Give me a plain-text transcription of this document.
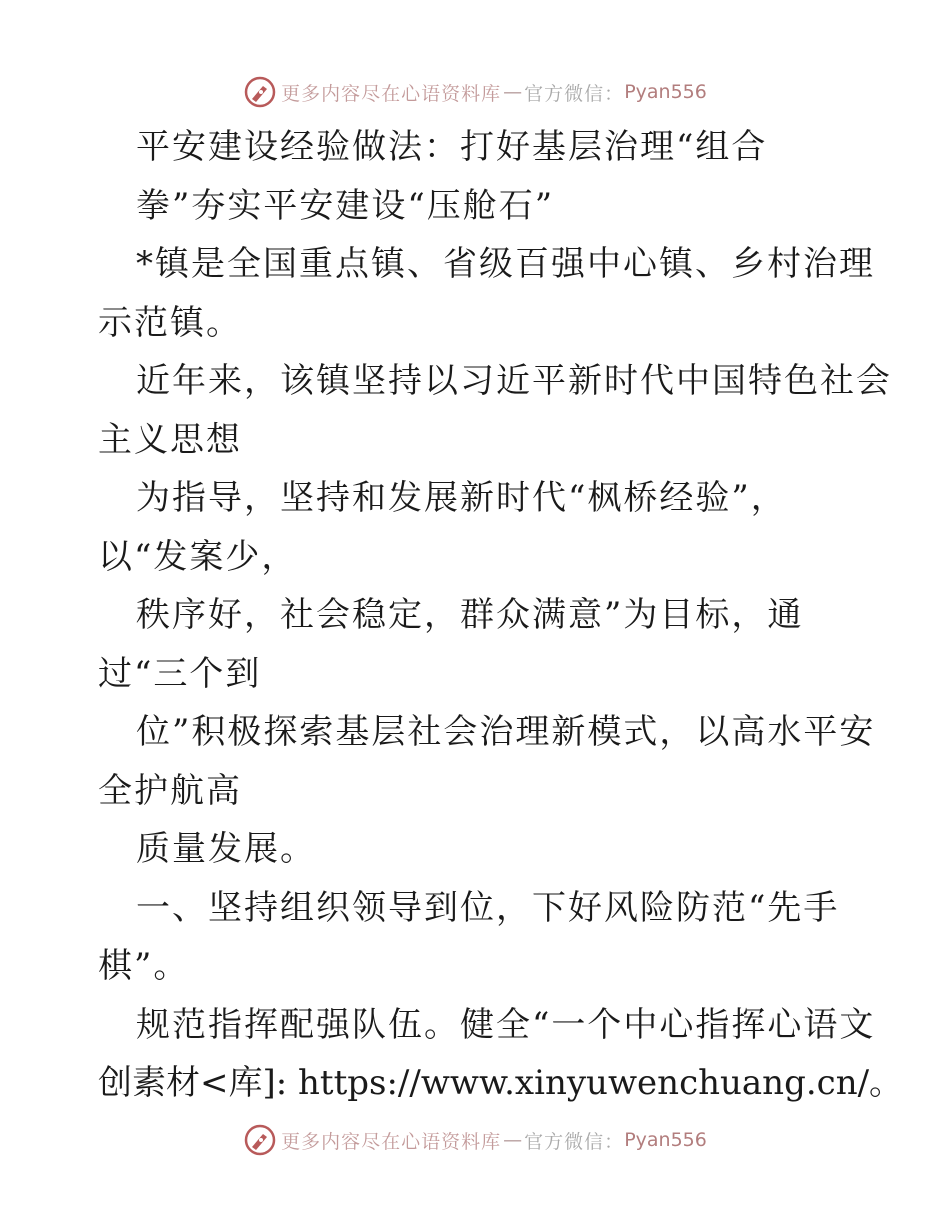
更多内容尽在心语资料库 — 官方微信： Pyan556
平安建设经验做法：打好基层治理“组合
拳”夯实平安建设“压舱石”
*镇是全国重点镇、省级百强中心镇、乡村治理
示范镇。
近年来，该镇坚持以习近平新时代中国特色社会
主义思想
为指导，坚持和发展新时代“枫桥经验”，
以“发案少，
秩序好，社会稳定，群众满意”为目标，通
过“三个到
位”积极探索基层社会治理新模式，以高水平安
全护航高
质量发展。
一、坚持组织领导到位，下好风险防范“先手
棋”。
规范指挥配强队伍。健全“一个中心指挥心语文
创素材<库]: https://www.xinyuwenchuang.cn/。
更多内容尽在心语资料库 — 官方微信： Pyan556
